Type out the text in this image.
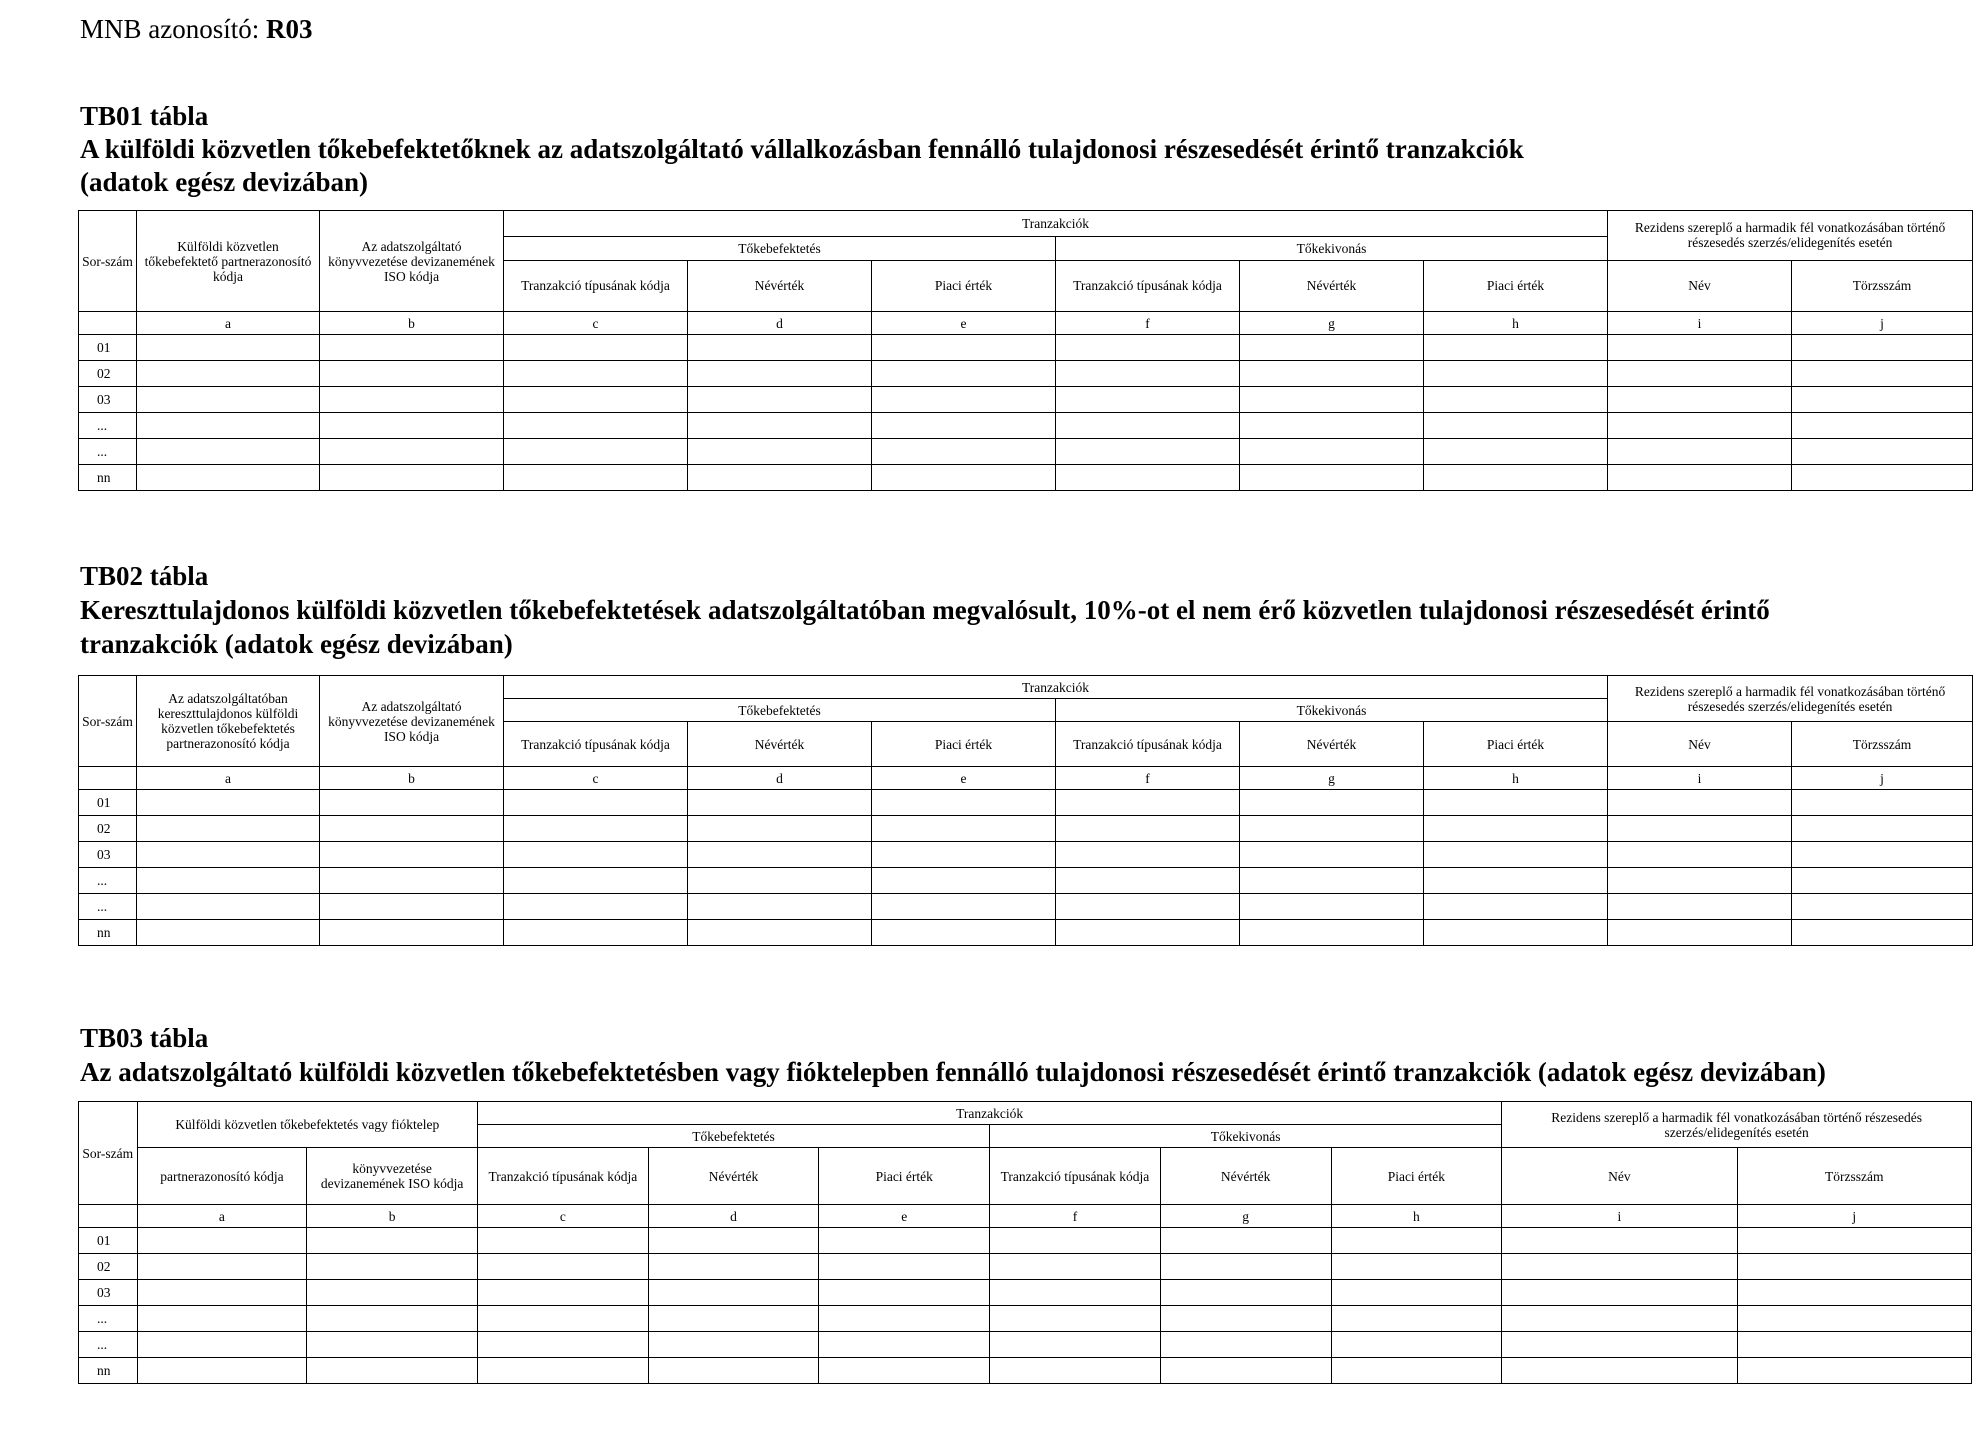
MNB azonosító: R03

TB01 tábla

A külföldi közvetlen tőkebefektetőknek az adatszolgáltató vállalkozásban fennálló tulajdonosi részesedését érintő tranzakciók

(adatok egész devizában)

Sor-szám	Külföldi közvetlen tőkebefektető partnerazonosító kódja	Az adatszolgáltató könyvvezetése devizanemének ISO kódja	Tranzakciók						Rezidens szereplő a harmadik fél vonatkozásában történő részesedés szerzés/elidegenítés esetén	
			Tőkebefektetés			Tőkekivonás				
			Tranzakció típusának kódja	Névérték	Piaci érték	Tranzakció típusának kódja	Névérték	Piaci érték	Név	Törzsszám
	a	b	c	d	e	f	g	h	i	j
01										
02										
03										
...										
...										
nn										

TB02 tábla

Kereszttulajdonos külföldi közvetlen tőkebefektetések adatszolgáltatóban megvalósult, 10%-ot el nem érő közvetlen tulajdonosi részesedését érintő

tranzakciók (adatok egész devizában)

Sor-szám	Az adatszolgáltatóban kereszttulajdonos külföldi közvetlen tőkebefektetés partnerazonosító kódja	Az adatszolgáltató könyvvezetése devizanemének ISO kódja	Tranzakciók						Rezidens szereplő a harmadik fél vonatkozásában történő részesedés szerzés/elidegenítés esetén	
			Tőkebefektetés			Tőkekivonás				
			Tranzakció típusának kódja	Névérték	Piaci érték	Tranzakció típusának kódja	Névérték	Piaci érték	Név	Törzsszám
	a	b	c	d	e	f	g	h	i	j
01										
02										
03										
...										
...										
nn										

TB03 tábla

Az adatszolgáltató külföldi közvetlen tőkebefektetésben vagy fióktelepben fennálló tulajdonosi részesedését érintő tranzakciók (adatok egész devizában)

Sor-szám	Külföldi közvetlen tőkebefektetés vagy fióktelep		Tranzakciók						Rezidens szereplő a harmadik fél vonatkozásában történő részesedés szerzés/elidegenítés esetén	
			Tőkebefektetés			Tőkekivonás				
	partnerazonosító kódja	könyvvezetése devizanemének ISO kódja	Tranzakció típusának kódja	Névérték	Piaci érték	Tranzakció típusának kódja	Névérték	Piaci érték	Név	Törzsszám
	a	b	c	d	e	f	g	h	i	j
01										
02										
03										
...										
...										
nn										
